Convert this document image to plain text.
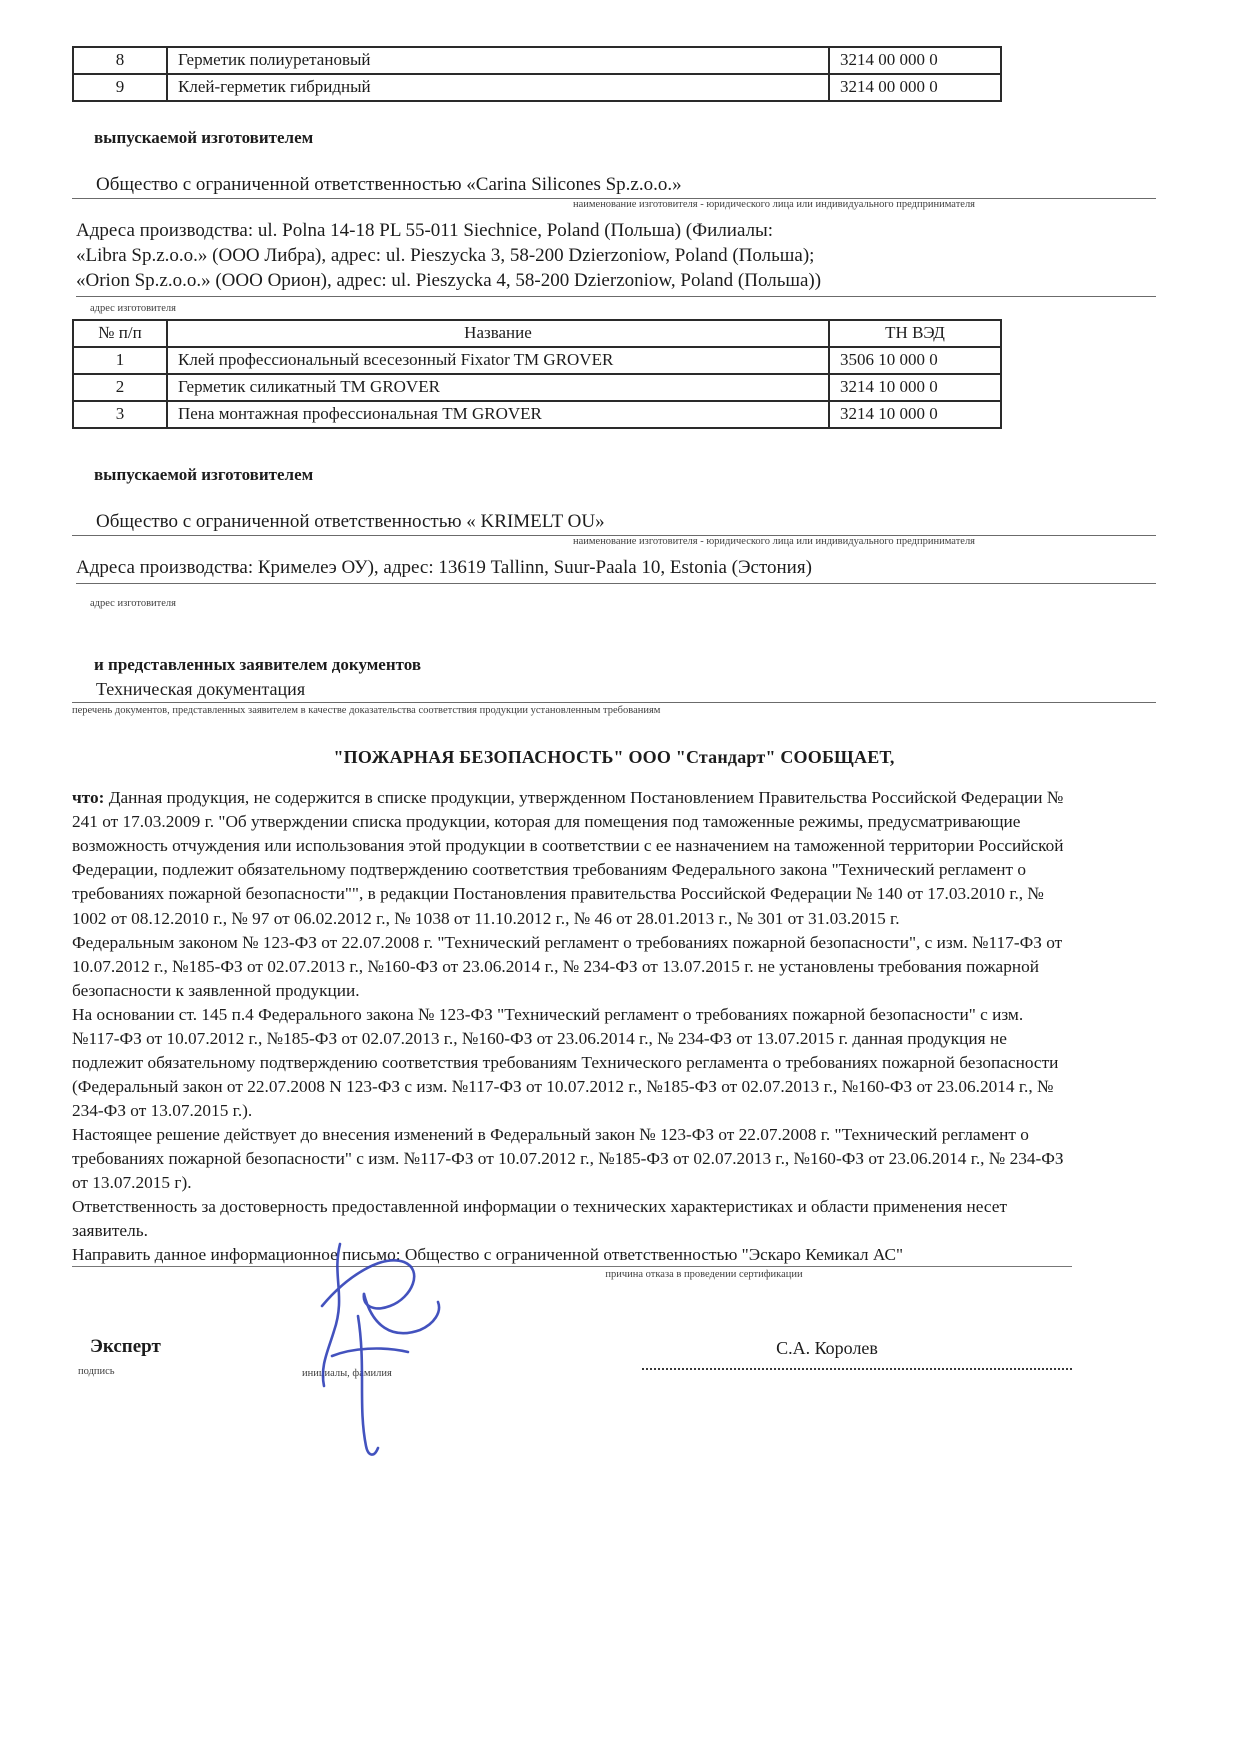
8	Герметик полиуретановый	3214 00 000 0
9	Клей-герметик гибридный	3214 00 000 0
выпускаемой изготовителем
Общество с ограниченной ответственностью «Carina Silicones Sp.z.o.o.»
наименование изготовителя - юридического лица или индивидуального предпринимателя
Адреса производства: ul. Polna 14-18 PL 55-011 Siechnice, Poland (Польша) (Филиалы:
«Libra Sp.z.o.o.» (ООО Либра), адрес: ul. Pieszycka 3, 58-200 Dzierzoniow, Poland (Польша);
«Orion Sp.z.o.o.» (ООО Орион), адрес: ul. Pieszycka 4, 58-200 Dzierzoniow, Poland (Польша))
адрес изготовителя
№ п/п	Название	ТН ВЭД
1	Клей профессиональный всесезонный Fixator TM GROVER	3506 10 000 0
2	Герметик силикатный TM GROVER	3214 10 000 0
3	Пена монтажная профессиональная TM GROVER	3214 10 000 0
выпускаемой изготовителем
Общество с ограниченной ответственностью « KRIMELT OU»
наименование изготовителя - юридического лица или индивидуального предпринимателя
Адреса производства: Кримелеэ ОУ), адрес: 13619 Tallinn, Suur-Paala 10, Estonia (Эстония)
адрес изготовителя
и представленных заявителем документов
Техническая документация
перечень документов, представленных заявителем в качестве доказательства соответствия продукции установленным требованиям
"ПОЖАРНАЯ БЕЗОПАСНОСТЬ" ООО "Стандарт" СООБЩАЕТ,

что: Данная продукция, не содержится в списке продукции, утвержденном Постановлением Правительства Российской Федерации № 241 от 17.03.2009 г. "Об утверждении списка продукции, которая для помещения под таможенные режимы, предусматривающие возможность отчуждения или использования этой продукции в соответствии с ее назначением на таможенной территории Российской Федерации, подлежит обязательному подтверждению соответствия требованиям Федерального закона "Технический регламент о требованиях пожарной безопасности"", в редакции Постановления правительства Российской Федерации № 140 от 17.03.2010 г., № 1002 от 08.12.2010 г., № 97 от 06.02.2012 г., № 1038 от 11.10.2012 г., № 46 от 28.01.2013 г., № 301 от 31.03.2015 г.

Федеральным законом № 123-ФЗ от 22.07.2008 г. "Технический регламент о требованиях пожарной безопасности", с изм. №117-ФЗ от 10.07.2012 г., №185-ФЗ от 02.07.2013 г., №160-ФЗ от 23.06.2014 г., № 234-ФЗ от 13.07.2015 г. не установлены требования пожарной безопасности к заявленной продукции.

На основании ст. 145 п.4 Федерального закона № 123-ФЗ "Технический регламент о требованиях пожарной безопасности" с изм. №117-ФЗ от 10.07.2012 г., №185-ФЗ от 02.07.2013 г., №160-ФЗ от 23.06.2014 г., № 234-ФЗ от 13.07.2015 г. данная продукция не подлежит обязательному подтверждению соответствия требованиям Технического регламента о требованиях пожарной безопасности (Федеральный закон от 22.07.2008 N 123-ФЗ с изм. №117-ФЗ от 10.07.2012 г., №185-ФЗ от 02.07.2013 г., №160-ФЗ от 23.06.2014 г., № 234-ФЗ от 13.07.2015 г.).

Настоящее решение действует до внесения изменений в Федеральный закон № 123-ФЗ от 22.07.2008 г. "Технический регламент о требованиях пожарной безопасности" с изм. №117-ФЗ от 10.07.2012 г., №185-ФЗ от 02.07.2013 г., №160-ФЗ от 23.06.2014 г., № 234-ФЗ от 13.07.2015 г).

Ответственность за достоверность предоставленной информации о технических характеристиках и области применения несет заявитель.

Направить данное информационное письмо: Общество с ограниченной ответственностью "Эскаро Кемикал АС"
причина отказа в проведении сертификации
Эксперт
подпись	инициалы, фамилия
С.А. Королев
